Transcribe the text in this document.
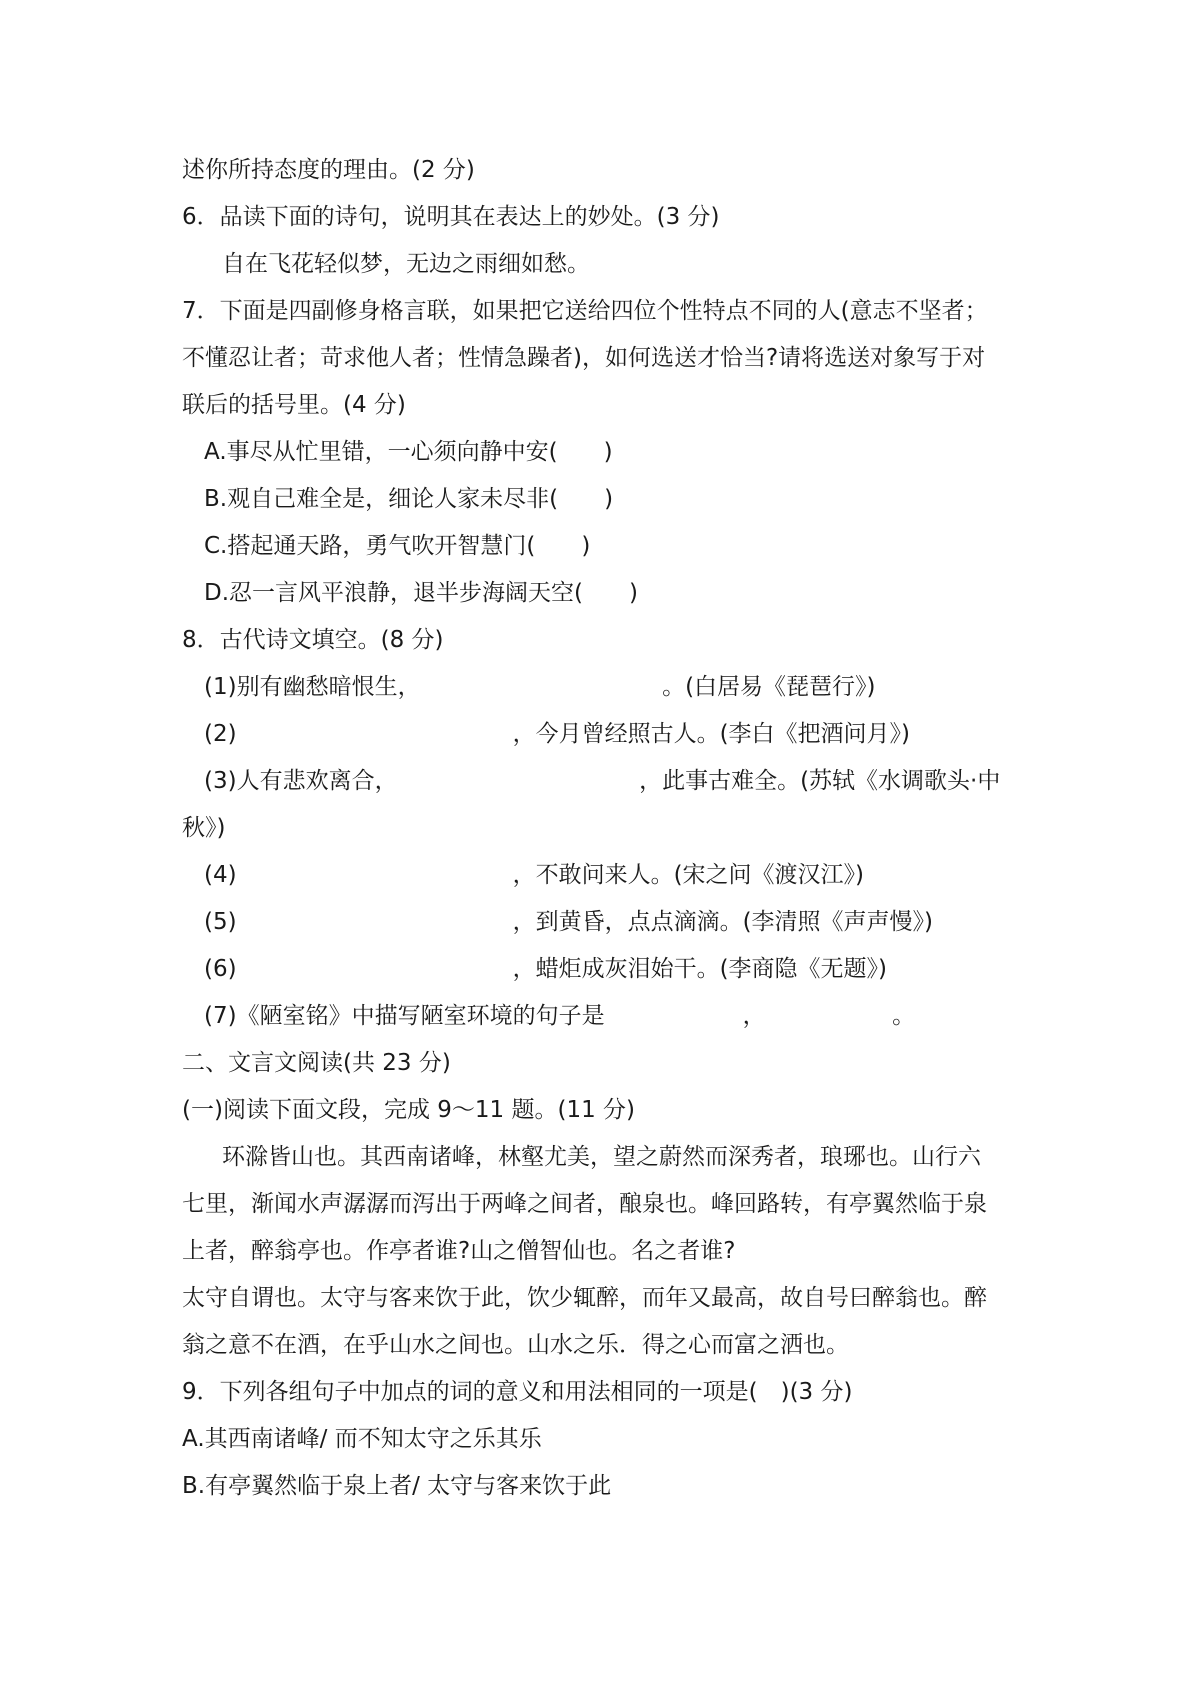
述你所持态度的理由。(2 分)
6．品读下面的诗句，说明其在表达上的妙处。(3 分)
自在飞花轻似梦，无边之雨细如愁。
7．下面是四副修身格言联，如果把它送给四位个性特点不同的人(意志不坚者；
不懂忍让者；苛求他人者；性情急躁者)，如何选送才恰当?请将选送对象写于对
联后的括号里。(4 分)
A.事尽从忙里错，一心须向静中安(　　)
B.观自己难全是，细论人家未尽非(　　)
C.搭起通天路，勇气吹开智慧门(　　)
D.忍一言风平浪静，退半步海阔天空(　　)
8．古代诗文填空。(8 分)
(1)别有幽愁暗恨生，　　　　　　　　　　　。(白居易《琵琶行》)
(2)　　　　　　　　　　　　，今月曾经照古人。(李白《把酒问月》)
(3)人有悲欢离合，　　　　　　　　　　　，此事古难全。(苏轼《水调歌头·中
秋》)
(4)　　　　　　　　　　　　，不敢问来人。(宋之问《渡汉江》)
(5)　　　　　　　　　　　　，到黄昏，点点滴滴。(李清照《声声慢》)
(6)　　　　　　　　　　　　，蜡炬成灰泪始干。(李商隐《无题》)
(7)《陋室铭》中描写陋室环境的句子是　　　　　　，　　　　　　。
二、文言文阅读(共 23 分)
(一)阅读下面文段，完成 9～11 题。(11 分)
环滁皆山也。其西南诸峰，林壑尤美，望之蔚然而深秀者，琅琊也。山行六
七里，渐闻水声潺潺而泻出于两峰之间者，酿泉也。峰回路转，有亭翼然临于泉
上者，醉翁亭也。作亭者谁?山之僧智仙也。名之者谁?
太守自谓也。太守与客来饮于此，饮少辄醉，而年又最高，故自号曰醉翁也。醉
翁之意不在酒，在乎山水之间也。山水之乐．得之心而富之洒也。
9．下列各组句子中加点的词的意义和用法相同的一项是(　)(3 分)
A.其西南诸峰/ 而不知太守之乐其乐
B.有亭翼然临于泉上者/ 太守与客来饮于此
